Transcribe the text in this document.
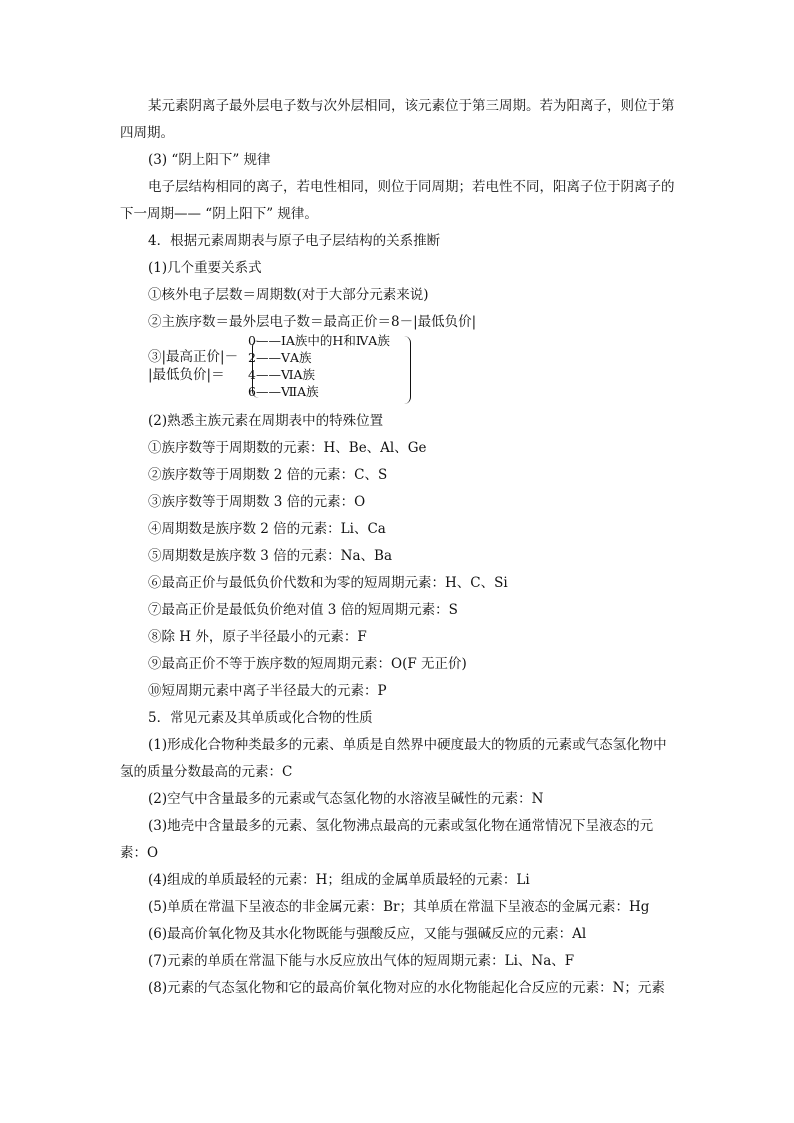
某元素阴离子最外层电子数与次外层相同，该元素位于第三周期。若为阳离子，则位于第四周期。

(3) “阴上阳下” 规律

电子层结构相同的离子，若电性相同，则位于同周期；若电性不同，阳离子位于阴离子的下一周期—— “阴上阳下” 规律。

4．根据元素周期表与原子电子层结构的关系推断

(1)几个重要关系式

①核外电子层数＝周期数(对于大部分元素来说)

②主族序数＝最外层电子数＝最高正价＝8－|最低负价|

③|最高正价|－
|最低负价|＝
0——ⅠA族中的H和ⅣA族
2——ⅤA族
4——ⅥA族
6——ⅦA族

(2)熟悉主族元素在周期表中的特殊位置

①族序数等于周期数的元素：H、Be、Al、Ge

②族序数等于周期数 2 倍的元素：C、S

③族序数等于周期数 3 倍的元素：O

④周期数是族序数 2 倍的元素：Li、Ca

⑤周期数是族序数 3 倍的元素：Na、Ba

⑥最高正价与最低负价代数和为零的短周期元素：H、C、Si

⑦最高正价是最低负价绝对值 3 倍的短周期元素：S

⑧除 H 外，原子半径最小的元素：F

⑨最高正价不等于族序数的短周期元素：O(F 无正价)

⑩短周期元素中离子半径最大的元素：P

5．常见元素及其单质或化合物的性质

(1)形成化合物种类最多的元素、单质是自然界中硬度最大的物质的元素或气态氢化物中氢的质量分数最高的元素：C

(2)空气中含量最多的元素或气态氢化物的水溶液呈碱性的元素：N

(3)地壳中含量最多的元素、氢化物沸点最高的元素或氢化物在通常情况下呈液态的元素：O

(4)组成的单质最轻的元素：H；组成的金属单质最轻的元素：Li

(5)单质在常温下呈液态的非金属元素：Br；其单质在常温下呈液态的金属元素：Hg

(6)最高价氧化物及其水化物既能与强酸反应，又能与强碱反应的元素：Al

(7)元素的单质在常温下能与水反应放出气体的短周期元素：Li、Na、F

(8)元素的气态氢化物和它的最高价氧化物对应的水化物能起化合反应的元素：N；元素
